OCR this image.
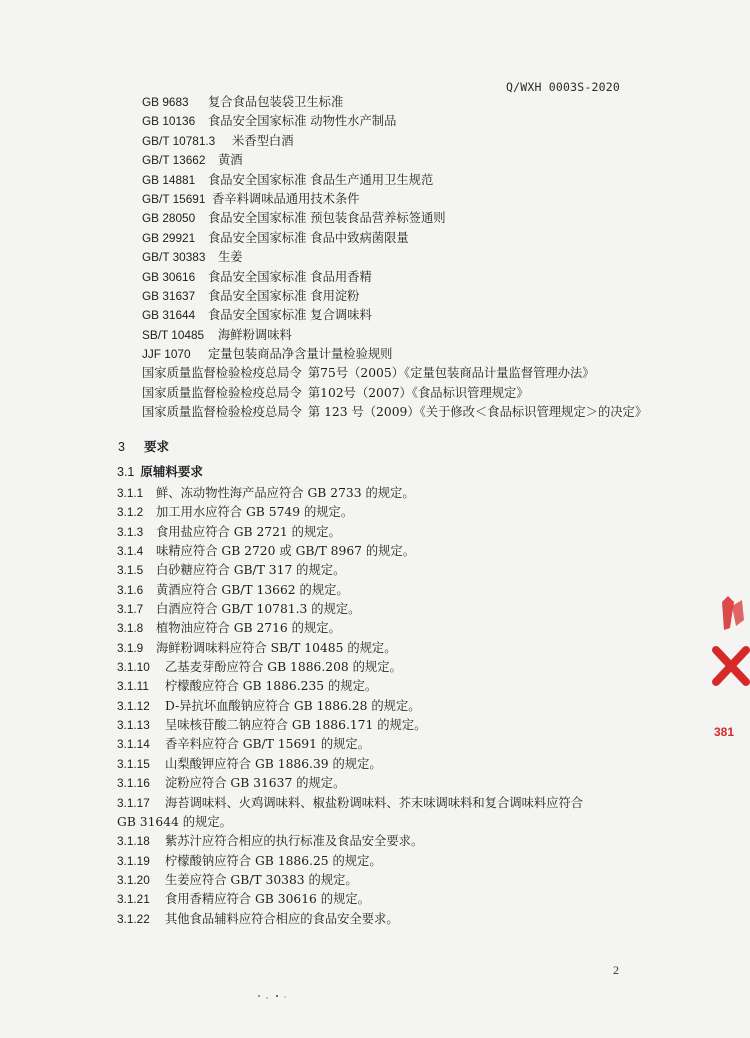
Q/WXH 0003S-2020
GB 9683 复合食品包装袋卫生标准
GB 10136 食品安全国家标准 动物性水产制品
GB/T 10781.3 米香型白酒
GB/T 13662 黄酒
GB 14881 食品安全国家标准 食品生产通用卫生规范
GB/T 15691 香辛料调味品通用技术条件
GB 28050 食品安全国家标准 预包装食品营养标签通则
GB 29921 食品安全国家标准 食品中致病菌限量
GB/T 30383 生姜
GB 30616 食品安全国家标准 食品用香精
GB 31637 食品安全国家标准 食用淀粉
GB 31644 食品安全国家标准 复合调味料
SB/T 10485 海鲜粉调味料
JJF 1070 定量包装商品净含量计量检验规则
国家质量监督检验检疫总局令 第75号（2005）《定量包装商品计量监督管理办法》
国家质量监督检验检疫总局令 第102号（2007）《食品标识管理规定》
国家质量监督检验检疫总局令 第 123 号（2009）《关于修改＜食品标识管理规定＞的决定》
3 要求
3.1 原辅料要求
3.1.1 鲜、冻动物性海产品应符合 GB 2733 的规定。
3.1.2 加工用水应符合 GB 5749 的规定。
3.1.3 食用盐应符合 GB 2721 的规定。
3.1.4 味精应符合 GB 2720 或 GB/T 8967 的规定。
3.1.5 白砂糖应符合 GB/T 317 的规定。
3.1.6 黄酒应符合 GB/T 13662 的规定。
3.1.7 白酒应符合 GB/T 10781.3 的规定。
3.1.8 植物油应符合 GB 2716 的规定。
3.1.9 海鲜粉调味料应符合 SB/T 10485 的规定。
3.1.10 乙基麦芽酚应符合 GB 1886.208 的规定。
3.1.11 柠檬酸应符合 GB 1886.235 的规定。
3.1.12 D-异抗坏血酸钠应符合 GB 1886.28 的规定。
3.1.13 呈味核苷酸二钠应符合 GB 1886.171 的规定。
3.1.14 香辛料应符合 GB/T 15691 的规定。
3.1.15 山梨酸钾应符合 GB 1886.39 的规定。
3.1.16 淀粉应符合 GB 31637 的规定。
3.1.17 海苔调味料、火鸡调味料、椒盐粉调味料、芥末味调味料和复合调味料应符合
GB 31644 的规定。
3.1.18 紫苏汁应符合相应的执行标准及食品安全要求。
3.1.19 柠檬酸钠应符合 GB 1886.25 的规定。
3.1.20 生姜应符合 GB/T 30383 的规定。
3.1.21 食用香精应符合 GB 30616 的规定。
3.1.22 其他食品辅料应符合相应的食品安全要求。
2
381
